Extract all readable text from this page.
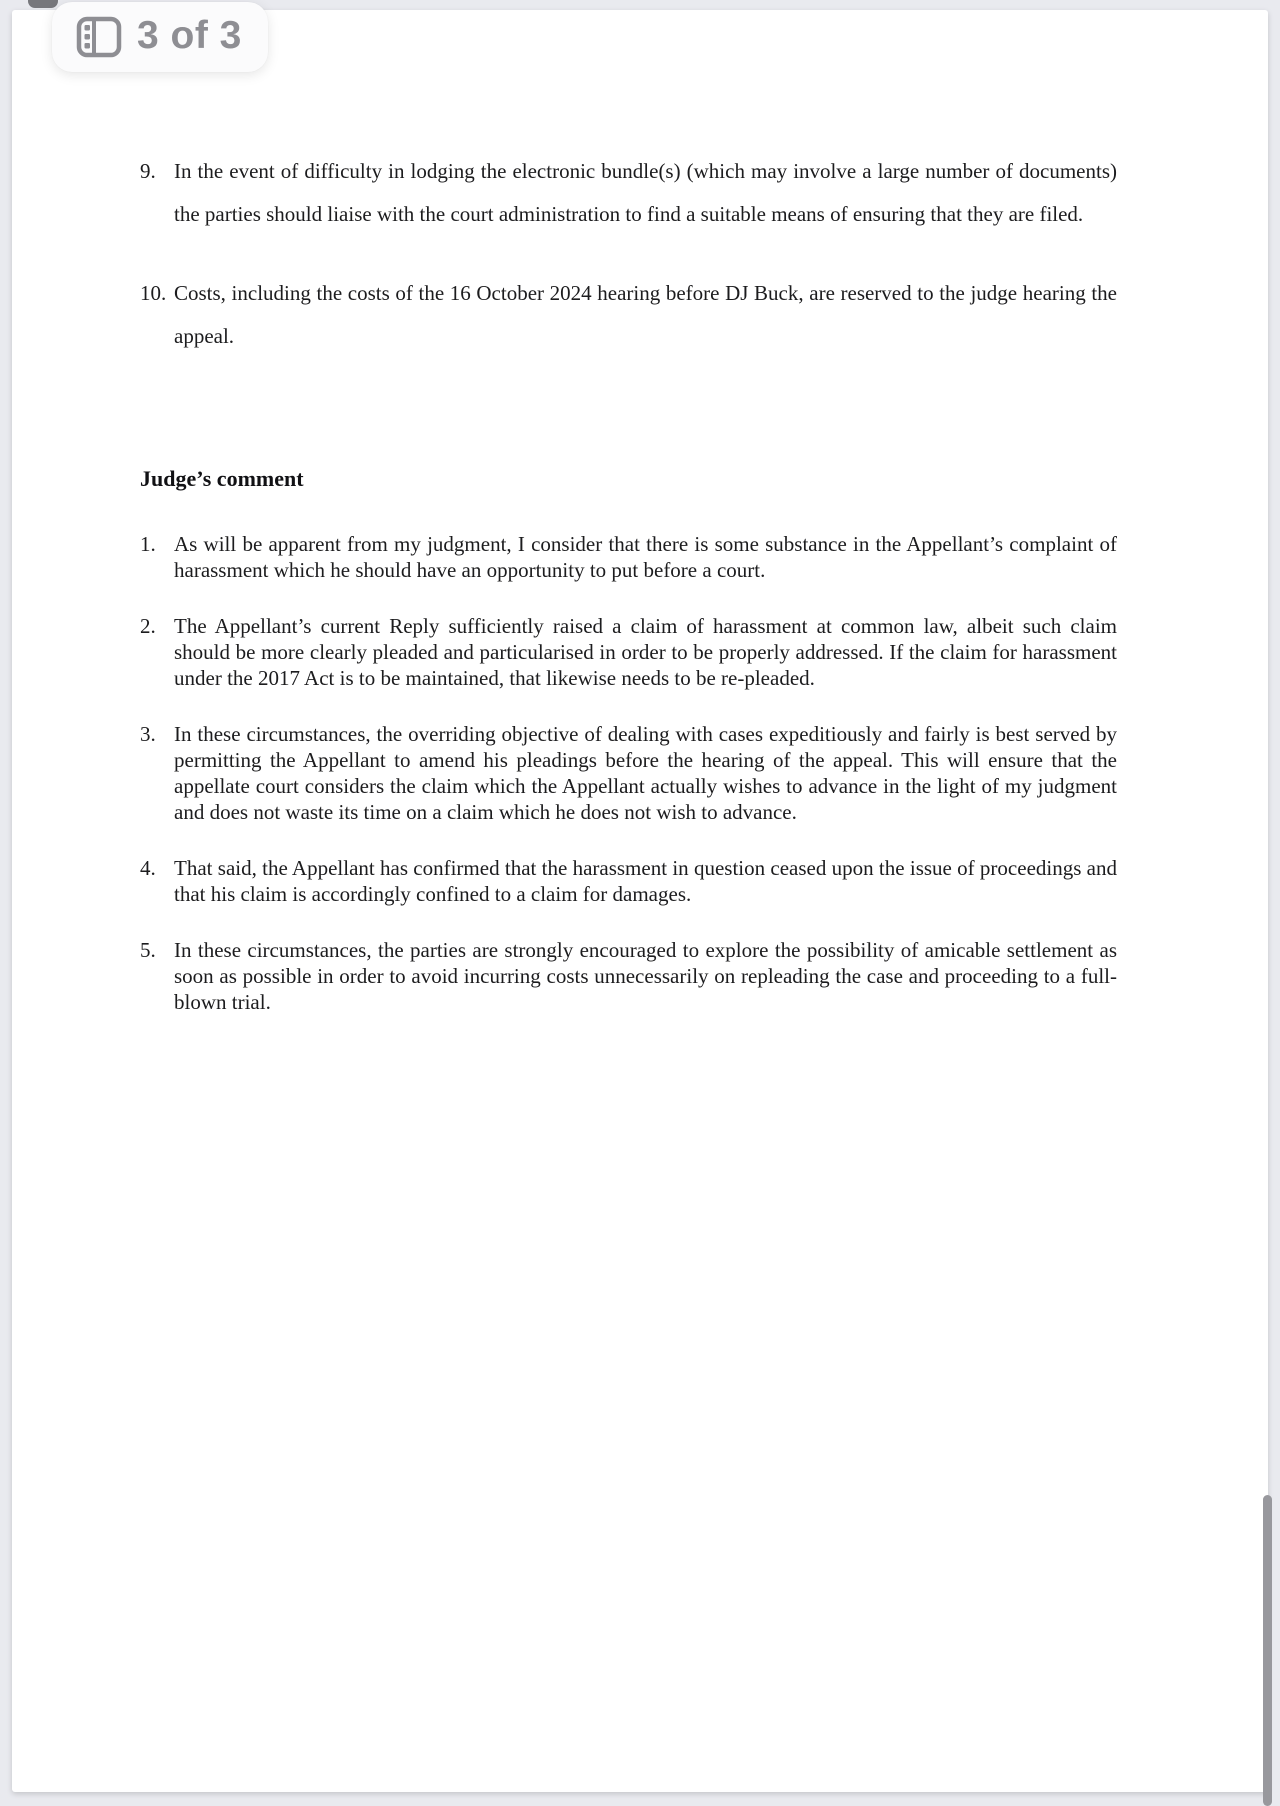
9. In the event of difficulty in lodging the electronic bundle(s) (which may involve a large number of documents) the parties should liaise with the court administration to find a suitable means of ensuring that they are filed.

10. Costs, including the costs of the 16 October 2024 hearing before DJ Buck, are reserved to the judge hearing the appeal.

Judge’s comment
1. As will be apparent from my judgment, I consider that there is some substance in the Appellant’s complaint of harassment which he should have an opportunity to put before a court.

2. The Appellant’s current Reply sufficiently raised a claim of harassment at common law, albeit such claim should be more clearly pleaded and particularised in order to be properly addressed. If the claim for harassment under the 2017 Act is to be maintained, that likewise needs to be re-pleaded.

3. In these circumstances, the overriding objective of dealing with cases expeditiously and fairly is best served by permitting the Appellant to amend his pleadings before the hearing of the appeal. This will ensure that the appellate court considers the claim which the Appellant actually wishes to advance in the light of my judgment and does not waste its time on a claim which he does not wish to advance.

4. That said, the Appellant has confirmed that the harassment in question ceased upon the issue of proceedings and that his claim is accordingly confined to a claim for damages.

5. In these circumstances, the parties are strongly encouraged to explore the possibility of amicable settlement as soon as possible in order to avoid incurring costs unnecessarily on repleading the case and proceeding to a full-blown trial.

3 of 3
